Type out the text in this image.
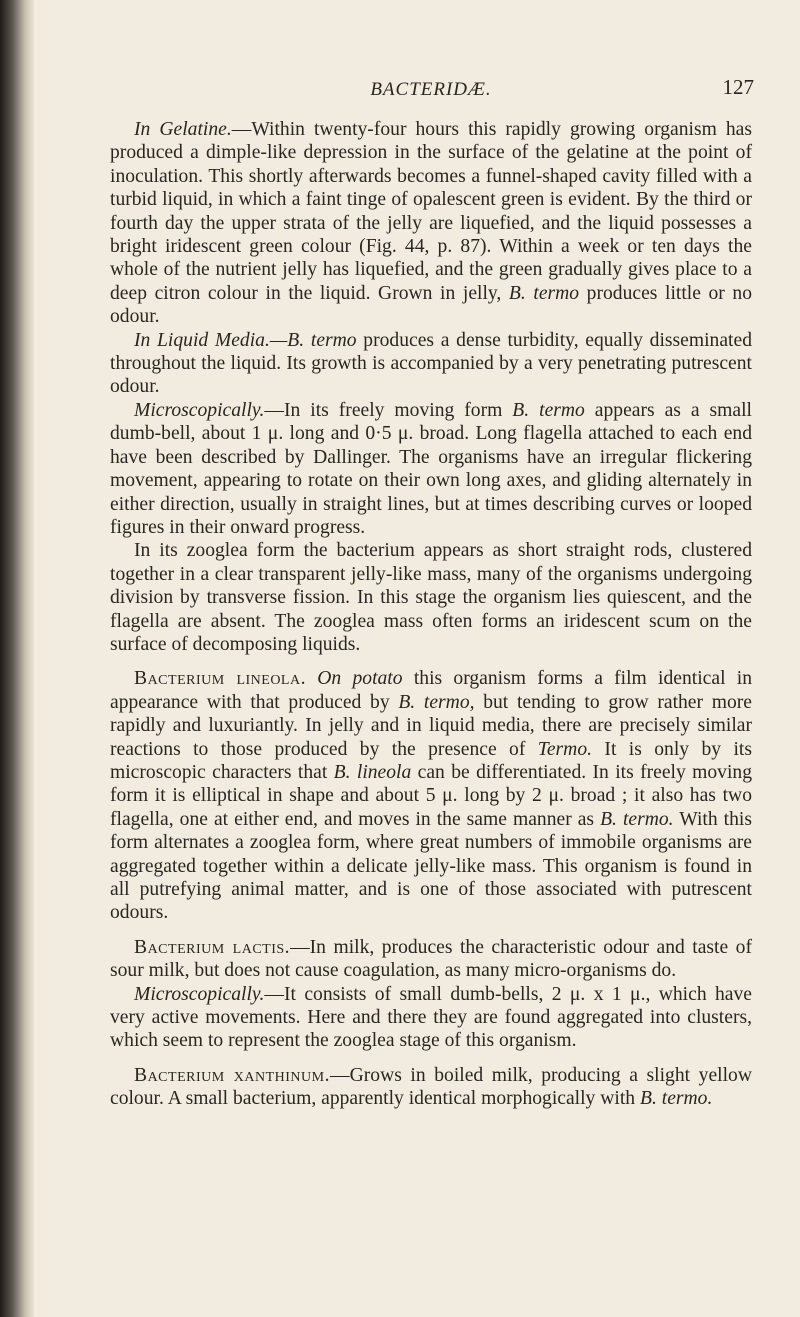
BACTERIDÆ.	127

In Gelatine.—Within twenty-four hours this rapidly growing organism has produced a dimple-like depression in the surface of the gelatine at the point of inoculation. This shortly afterwards becomes a funnel-shaped cavity filled with a turbid liquid, in which a faint tinge of opalescent green is evident. By the third or fourth day the upper strata of the jelly are liquefied, and the liquid possesses a bright iridescent green colour (Fig. 44, p. 87). Within a week or ten days the whole of the nutrient jelly has liquefied, and the green gradually gives place to a deep citron colour in the liquid. Grown in jelly, B. termo produces little or no odour.

In Liquid Media.—B. termo produces a dense turbidity, equally disseminated throughout the liquid. Its growth is accompanied by a very penetrating putrescent odour.

Microscopically.—In its freely moving form B. termo appears as a small dumb-bell, about 1 μ. long and 0·5 μ. broad. Long flagella attached to each end have been described by Dallinger. The organisms have an irregular flickering movement, appearing to rotate on their own long axes, and gliding alternately in either direction, usually in straight lines, but at times describing curves or looped figures in their onward progress.

In its zooglea form the bacterium appears as short straight rods, clustered together in a clear transparent jelly-like mass, many of the organisms undergoing division by transverse fission. In this stage the organism lies quiescent, and the flagella are absent. The zooglea mass often forms an iridescent scum on the surface of decomposing liquids.

Bacterium lineola. On potato this organism forms a film identical in appearance with that produced by B. termo, but tending to grow rather more rapidly and luxuriantly. In jelly and in liquid media, there are precisely similar reactions to those produced by the presence of Termo. It is only by its microscopic characters that B. lineola can be differentiated. In its freely moving form it is elliptical in shape and about 5 μ. long by 2 μ. broad ; it also has two flagella, one at either end, and moves in the same manner as B. termo. With this form alternates a zooglea form, where great numbers of immobile organisms are aggregated together within a delicate jelly-like mass. This organism is found in all putrefying animal matter, and is one of those associated with putrescent odours.

Bacterium lactis.—In milk, produces the characteristic odour and taste of sour milk, but does not cause coagulation, as many micro-organisms do.

Microscopically.—It consists of small dumb-bells, 2 μ. x 1 μ., which have very active movements. Here and there they are found aggregated into clusters, which seem to represent the zooglea stage of this organism.

Bacterium xanthinum.—Grows in boiled milk, producing a slight yellow colour. A small bacterium, apparently identical morphogically with B. termo.
